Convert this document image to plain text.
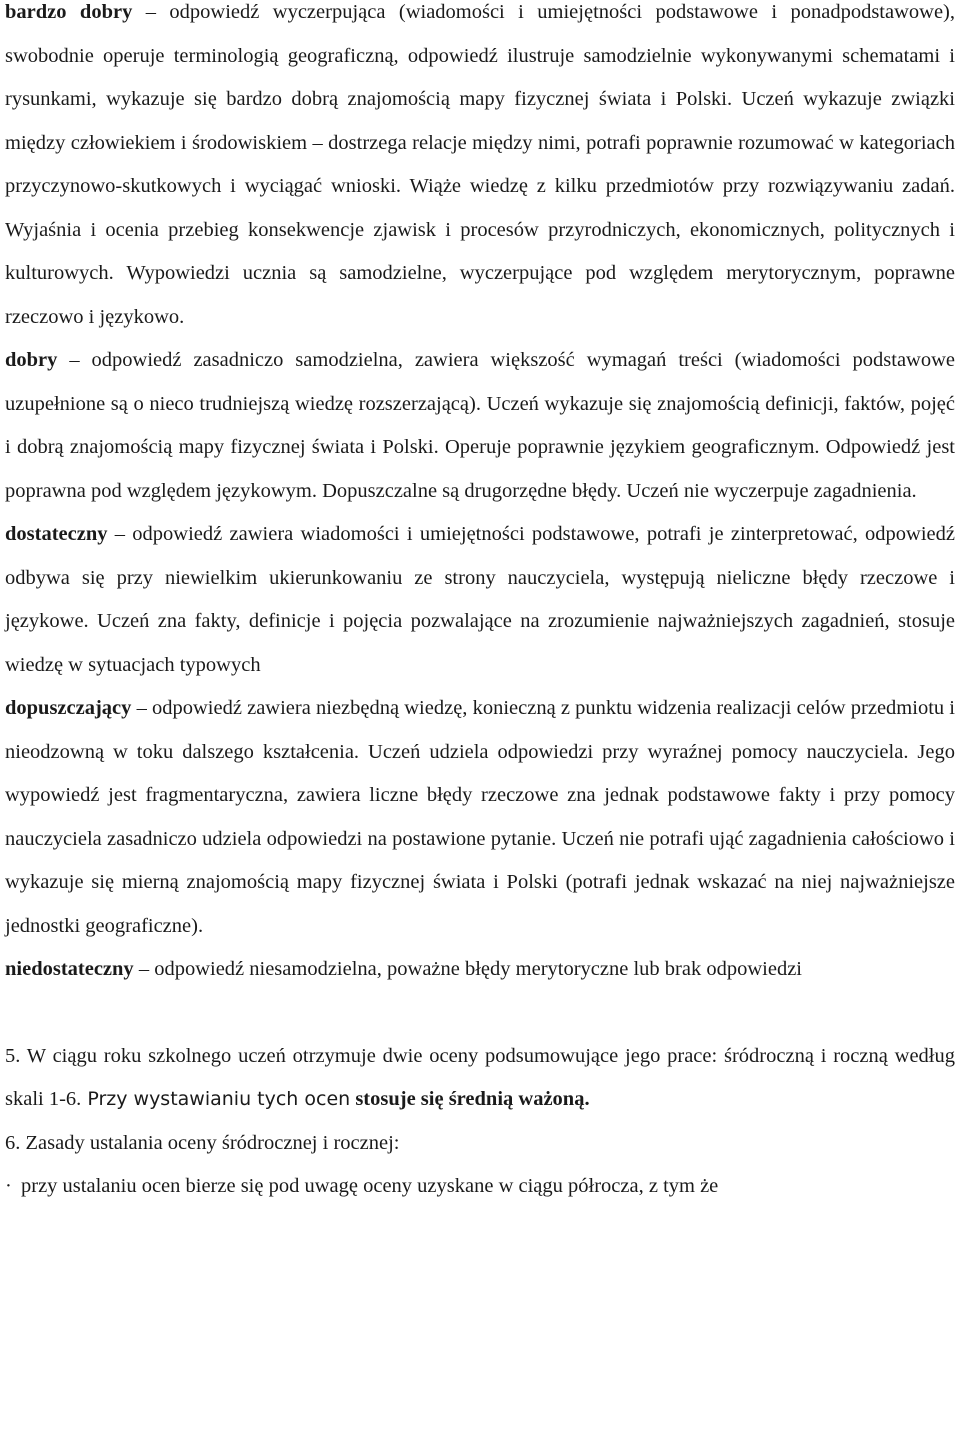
bardzo dobry – odpowiedź wyczerpująca (wiadomości i umiejętności podstawowe i ponadpodstawowe), swobodnie operuje terminologią geograficzną, odpowiedź ilustruje samodzielnie wykonywanymi schematami i rysunkami, wykazuje się bardzo dobrą znajomością mapy fizycznej świata i Polski. Uczeń wykazuje związki między człowiekiem i środowiskiem – dostrzega relacje między nimi, potrafi poprawnie rozumować w kategoriach przyczynowo-skutkowych i wyciągać wnioski. Wiąże wiedzę z kilku przedmiotów przy rozwiązywaniu zadań. Wyjaśnia i ocenia przebieg konsekwencje zjawisk i procesów przyrodniczych, ekonomicznych, politycznych i kulturowych. Wypowiedzi ucznia są samodzielne, wyczerpujące pod względem merytorycznym, poprawne rzeczowo i językowo.

dobry – odpowiedź zasadniczo samodzielna, zawiera większość wymagań treści (wiadomości podstawowe uzupełnione są o nieco trudniejszą wiedzę rozszerzającą). Uczeń wykazuje się znajomością definicji, faktów, pojęć i dobrą znajomością mapy fizycznej świata i Polski. Operuje poprawnie językiem geograficznym. Odpowiedź jest poprawna pod względem językowym. Dopuszczalne są drugorzędne błędy. Uczeń nie wyczerpuje zagadnienia.

dostateczny – odpowiedź zawiera wiadomości i umiejętności podstawowe, potrafi je zinterpretować, odpowiedź odbywa się przy niewielkim ukierunkowaniu ze strony nauczyciela, występują nieliczne błędy rzeczowe i językowe. Uczeń zna fakty, definicje i pojęcia pozwalające na zrozumienie najważniejszych zagadnień, stosuje wiedzę w sytuacjach typowych

dopuszczający – odpowiedź zawiera niezbędną wiedzę, konieczną z punktu widzenia realizacji celów przedmiotu i nieodzowną w toku dalszego kształcenia. Uczeń udziela odpowiedzi przy wyraźnej pomocy nauczyciela. Jego wypowiedź jest fragmentaryczna, zawiera liczne błędy rzeczowe zna jednak podstawowe fakty i przy pomocy nauczyciela zasadniczo udziela odpowiedzi na postawione pytanie. Uczeń nie potrafi ująć zagadnienia całościowo i wykazuje się mierną znajomością mapy fizycznej świata i Polski (potrafi jednak wskazać na niej najważniejsze jednostki geograficzne).

niedostateczny – odpowiedź niesamodzielna, poważne błędy merytoryczne lub brak odpowiedzi

5. W ciągu roku szkolnego uczeń otrzymuje dwie oceny podsumowujące jego prace: śródroczną i roczną według skali 1-6. Przy wystawianiu tych ocen stosuje się średnią ważoną.

6. Zasady ustalania oceny śródrocznej i rocznej:

· przy ustalaniu ocen bierze się pod uwagę oceny uzyskane w ciągu półrocza, z tym że
